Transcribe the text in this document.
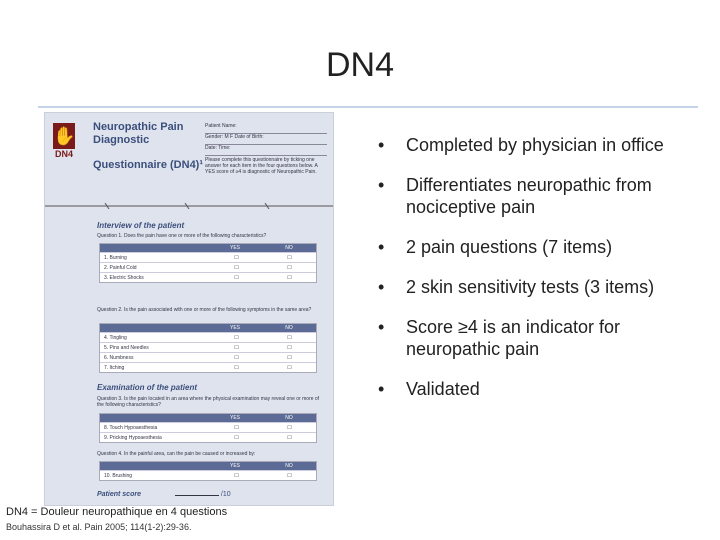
DN4
✋
DN4
Neuropathic Pain Diagnostic
Questionnaire (DN4)¹
Patient Name:
Gender: M F Date of Birth:
Date: Time:
Please complete this questionnaire by ticking one answer for each item in the four questions below. A YES score of ≥4 is diagnostic of Neuropathic Pain.
Interview of the patient
Question 1. Does the pain have one or more of the following characteristics?
YES	NO
1. Burning	☐	☐
2. Painful Cold	☐	☐
3. Electric Shocks	☐	☐
Question 2. Is the pain associated with one or more of the following symptoms in the same area?
YES	NO
4. Tingling	☐	☐
5. Pins and Needles	☐	☐
6. Numbness	☐	☐
7. Itching	☐	☐
Examination of the patient
Question 3. Is the pain located in an area where the physical examination may reveal one or more of the following characteristics?
YES	NO
8. Touch Hypoaesthesia	☐	☐
9. Pricking Hypoaesthesia	☐	☐
Question 4. In the painful area, can the pain be caused or increased by:
YES	NO
10. Brushing	☐	☐
Patient score	/10
• Completed by physician in office
• Differentiates neuropathic from nociceptive pain
• 2 pain questions (7 items)
• 2 skin sensitivity tests (3 items)
• Score ≥4 is an indicator for neuropathic pain
• Validated
DN4 = Douleur neuropathique en 4 questions
Bouhassira D et al. Pain 2005; 114(1-2):29-36.
